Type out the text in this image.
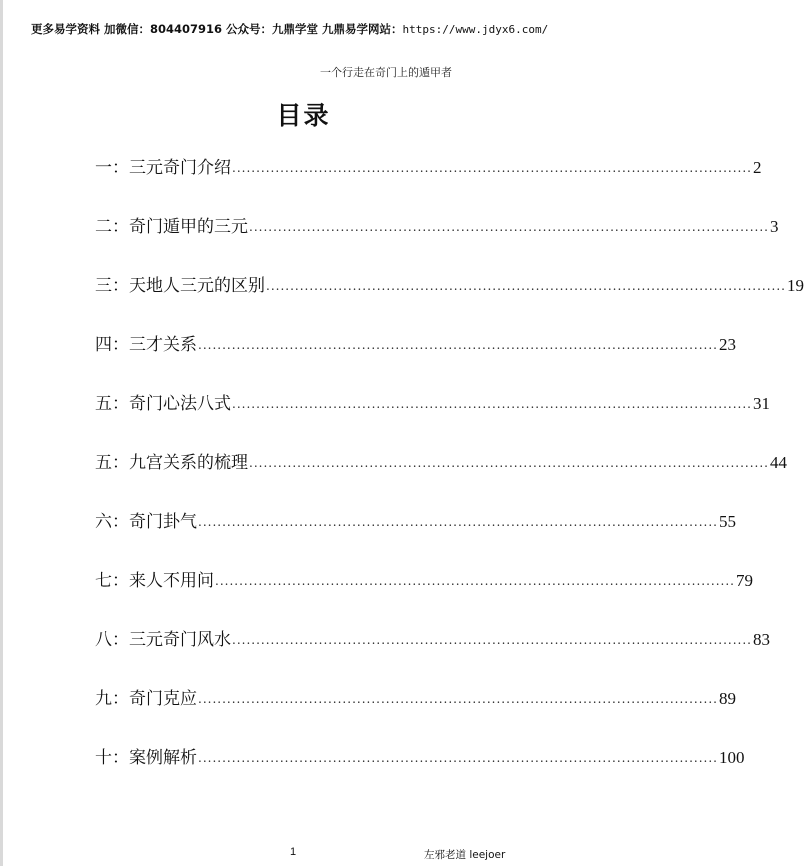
更多易学资料 加微信：804407916 公众号：九鼎学堂 九鼎易学网站：https://www.jdyx6.com/
一个行走在奇门上的遁甲者
目录
一： 三元奇门介绍 ............................................................................................................ 2
二： 奇门遁甲的三元 ............................................................................................................ 3
三： 天地人三元的区别 ............................................................................................................ 19
四： 三才关系 ............................................................................................................ 23
五： 奇门心法八式 ............................................................................................................ 31
五： 九宫关系的梳理 ............................................................................................................ 44
六： 奇门卦气 ............................................................................................................ 55
七： 来人不用问 ............................................................................................................ 79
八： 三元奇门风水 ............................................................................................................ 83
九： 奇门克应 ............................................................................................................ 89
十： 案例解析 ............................................................................................................ 100
1	左邪老道 leejoer
